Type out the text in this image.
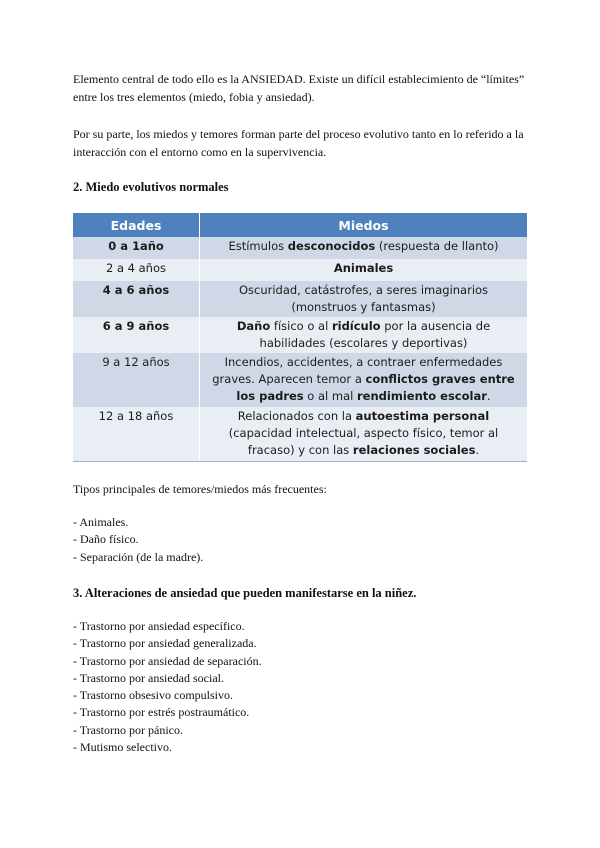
Elemento central de todo ello es la ANSIEDAD. Existe un difícil establecimiento de “límites” entre los tres elementos (miedo, fobia y ansiedad).

Por su parte, los miedos y temores forman parte del proceso evolutivo tanto en lo referido a la interacción con el entorno como en la supervivencia.

2. Miedo evolutivos normales
Edades	Miedos
0 a 1año	Estímulos desconocidos (respuesta de llanto)
2 a 4 años	Animales
4 a 6 años	Oscuridad, catástrofes, a seres imaginarios (monstruos y fantasmas)
6 a 9 años	Daño físico o al ridículo por la ausencia de habilidades (escolares y deportivas)
9 a 12 años	Incendios, accidentes, a contraer enfermedades graves. Aparecen temor a conflictos graves entre los padres o al mal rendimiento escolar.
12 a 18 años	Relacionados con la autoestima personal (capacidad intelectual, aspecto físico, temor al fracaso) y con las relaciones sociales.

Tipos principales de temores/miedos más frecuentes:

- Animales.
- Daño físico.
- Separación (de la madre).
3. Alteraciones de ansiedad que pueden manifestarse en la niñez.
- Trastorno por ansiedad específico.
- Trastorno por ansiedad generalizada.
- Trastorno por ansiedad de separación.
- Trastorno por ansiedad social.
- Trastorno obsesivo compulsivo.
- Trastorno por estrés postraumático.
- Trastorno por pánico.
- Mutismo selectivo.
